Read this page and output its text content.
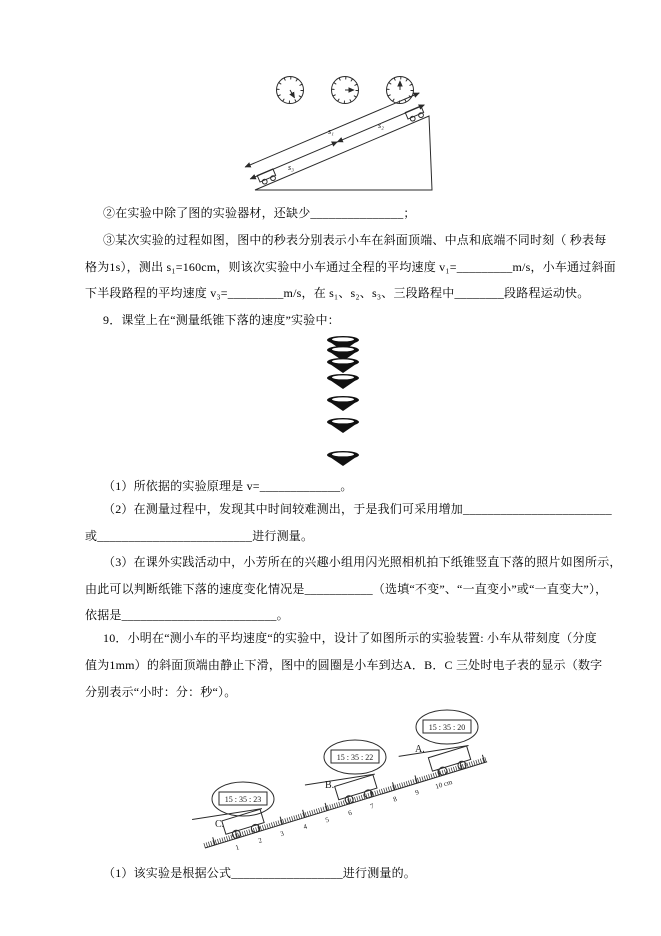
s₁
s₂
s₃
②在实验中除了图的实验器材，还缺少_______________；
③某次实验的过程如图，图中的秒表分别表示小车在斜面顶端、中点和底端不同时刻（ 秒表每
格为1s），测出 s₁=160cm，则该次实验中小车通过全程的平均速度 v₁=_________m/s，小车通过斜面
下半段路程的平均速度 v₃=_________m/s，在 s₁、s₂、s₃、三段路程中________段路程运动快。
9．课堂上在“测量纸锥下落的速度”实验中：
（1）所依据的实验原理是 v=_____________。
（2）在测量过程中，发现其中时间较难测出，于是我们可采用增加________________________
或_________________________进行测量。
（3）在课外实践活动中，小芳所在的兴趣小组用闪光照相机拍下纸锥竖直下落的照片如图所示，
由此可以判断纸锥下落的速度变化情况是___________（选填“不变”、“一直变小”或“一直变大”），
依据是_________________________。
10．小明在“测小车的平均速度“的实验中，设计了如图所示的实验装置: 小车从带刻度（分度
值为1mm）的斜面顶端由静止下滑，图中的圆圈是小车到达A．B．C 三处时电子表的显示（数字
分别表示“小时：分：秒“）。
1
2
3
4
5
6
7
8
9
10 cm
A.
B.
C.
15 : 35 : 20
15 : 35 : 22
15 : 35 : 23
（1）该实验是根据公式__________________进行测量的。
